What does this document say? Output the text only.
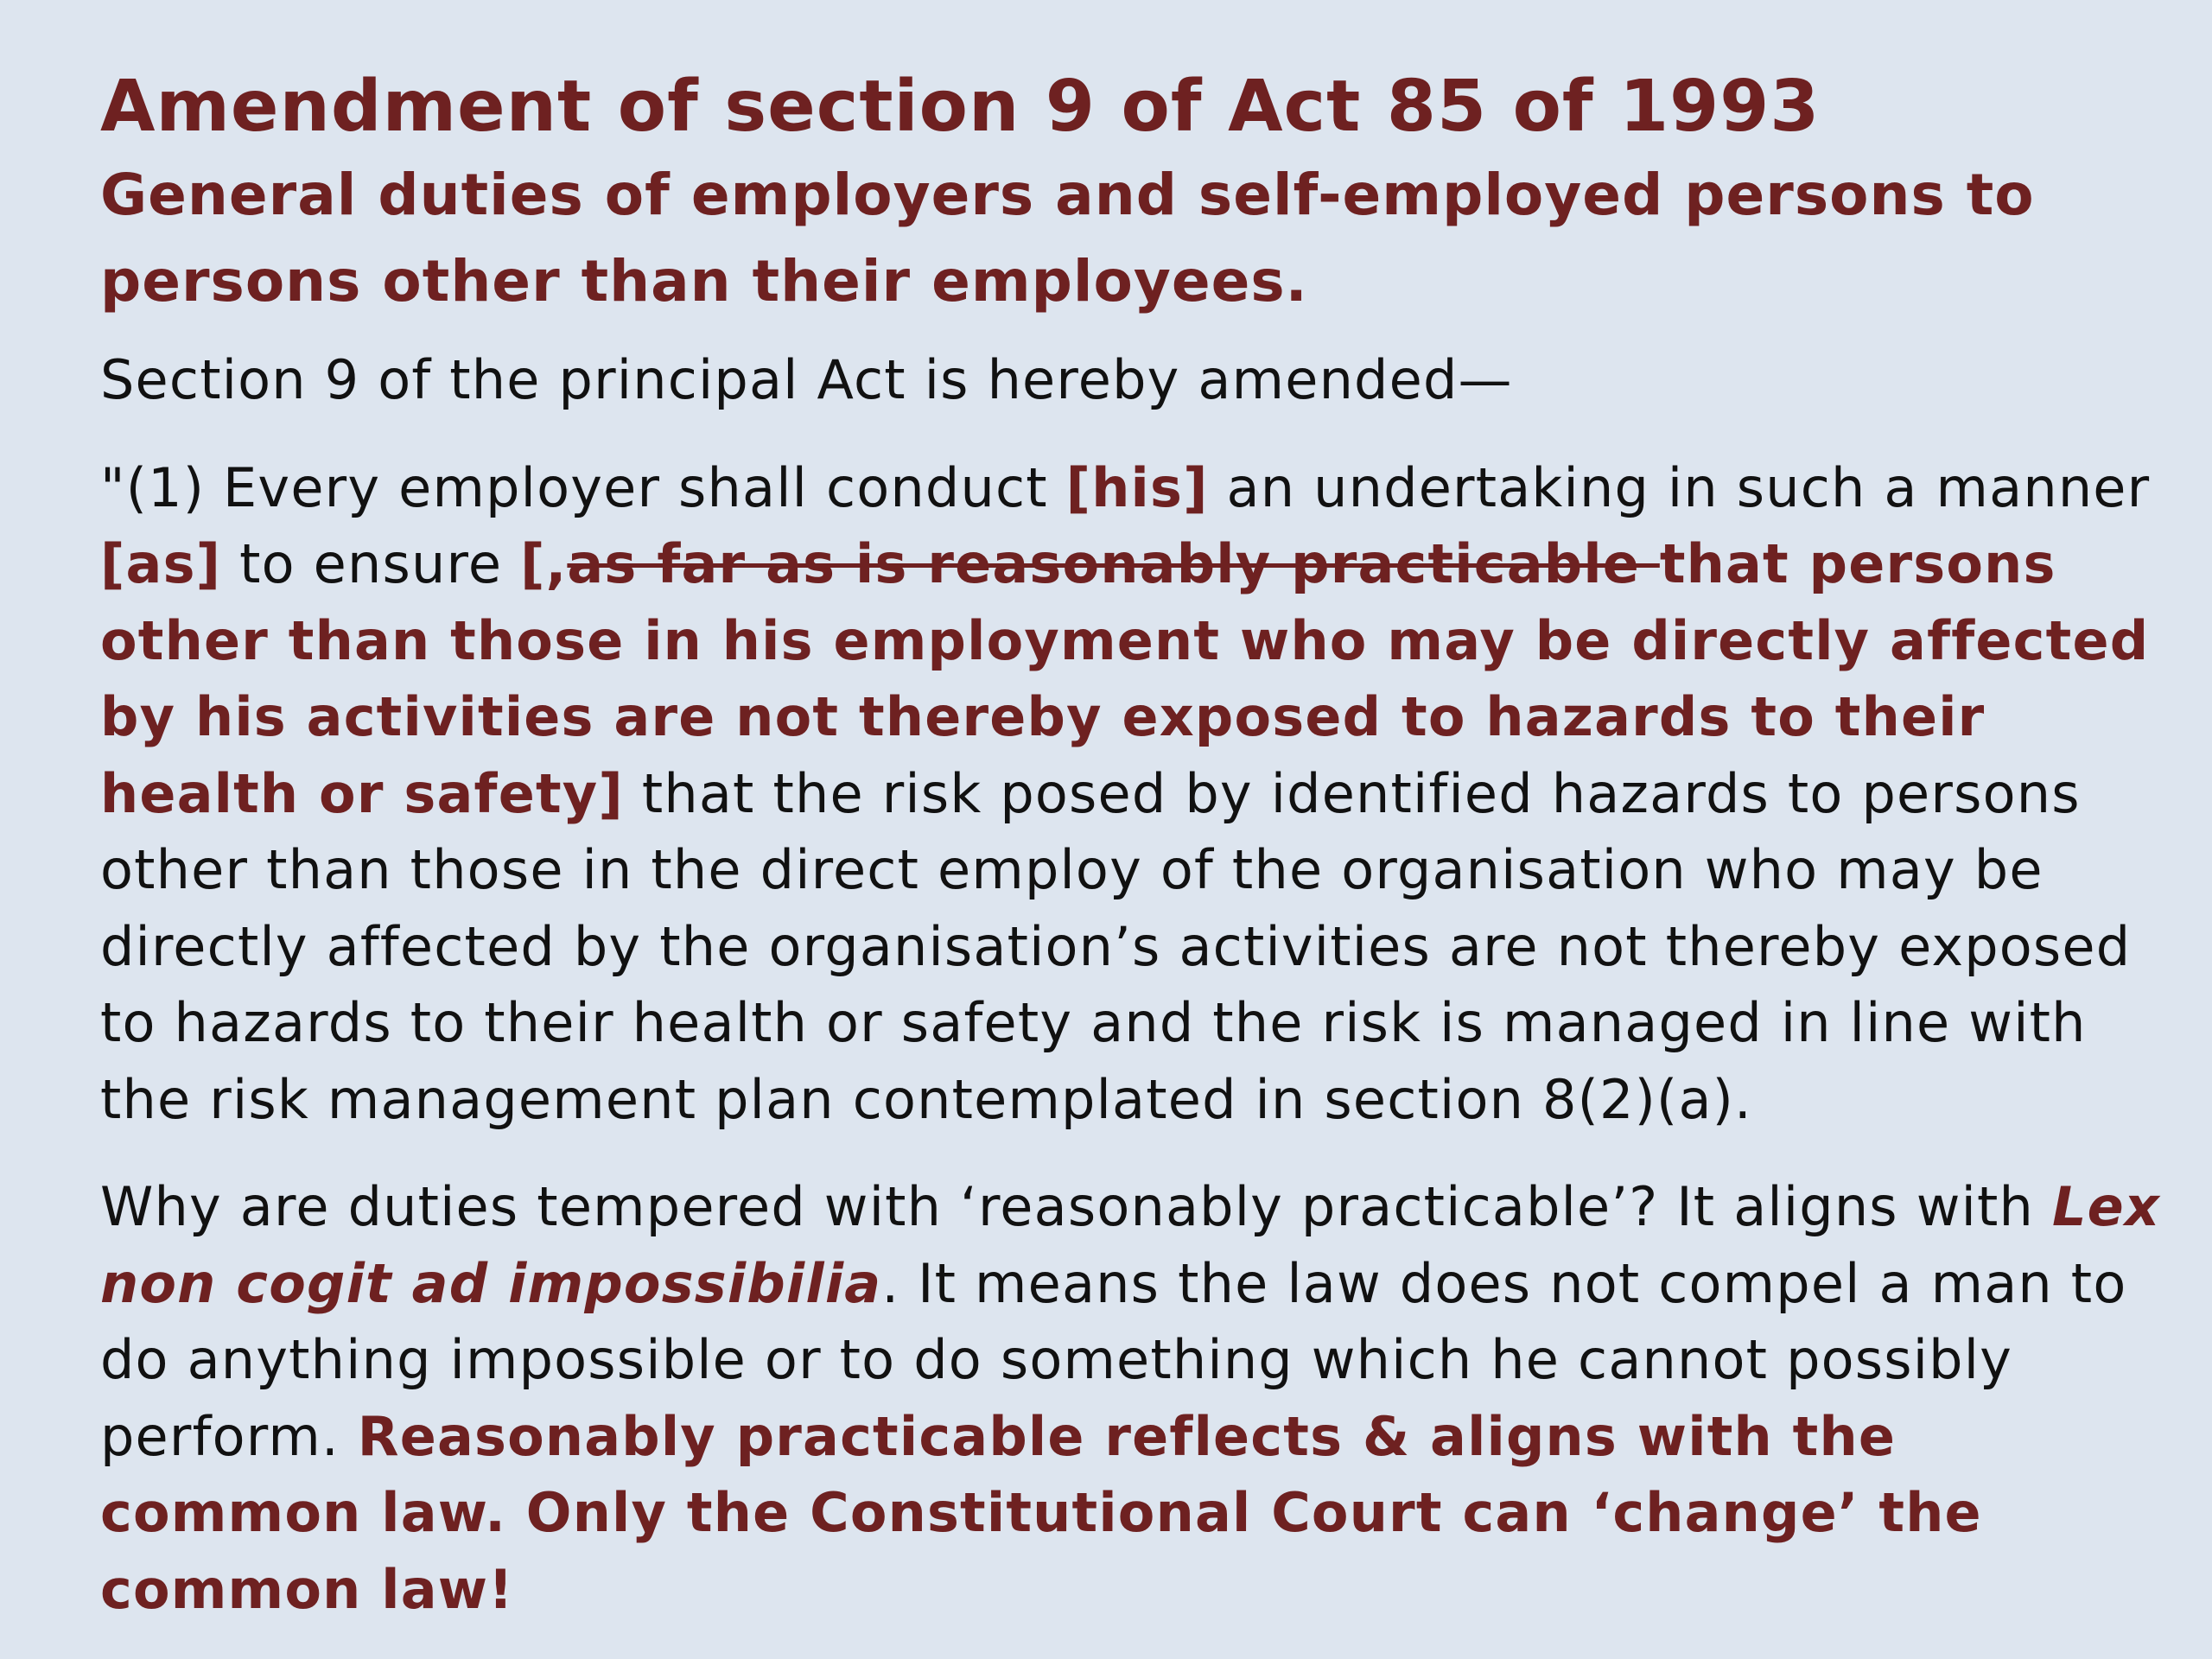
Amendment of section 9 of Act 85 of 1993
General duties of employers and self-employed persons to persons other than their employees.

Section 9 of the principal Act is hereby amended—

"(1) Every employer shall conduct [his] an undertaking in such a manner [as] to ensure [,as far as is reasonably practicable that persons other than those in his employment who may be directly affected by his activities are not thereby exposed to hazards to their health or safety] that the risk posed by identified hazards to persons other than those in the direct employ of the organisation who may be directly affected by the organisation’s activities are not thereby exposed to hazards to their health or safety and the risk is managed in line with the risk management plan contemplated in section 8(2)(a).

Why are duties tempered with ‘reasonably practicable’? It aligns with Lex non cogit ad impossibilia. It means the law does not compel a man to do anything impossible or to do something which he cannot possibly perform. Reasonably practicable reflects & aligns with the common law. Only the Constitutional Court can ‘change’ the common law!
